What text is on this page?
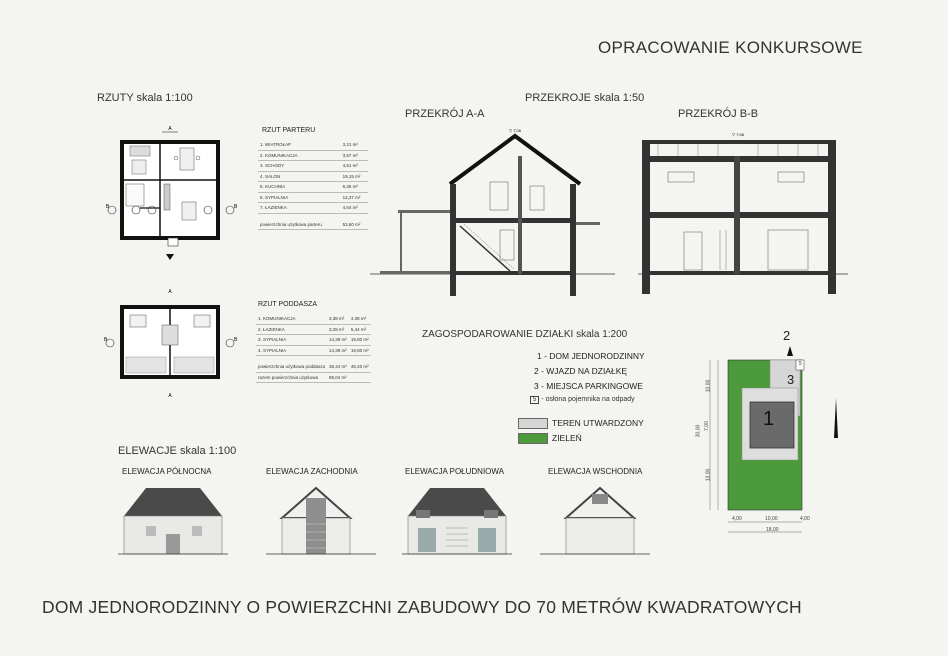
OPRACOWANIE KONKURSOWE
RZUTY skala 1:100
A
B	B
RZUT PARTERU
1. WIATROŁAP	3,21 m²
2. KOMUNIKACJA	3,57 m²
3. SCHODY	4,51 m²
4. SALON	19,15 m²
5. KUCHNIA	6,35 m²
6. SYPIALNIA	12,37 m²
7. ŁAZIENKA	4,64 m²
powierzchnia użytkowa parteru	53,60 m²
A
B	B
A
RZUT PODDASZA
1. KOMUNIKACJA	3,38 m²	3,38 m²
2. ŁAZIENKA	3,28 m²	5,44 m²
3. SYPIALNIA	14,39 m²	19,80 m²
4. SYPIALNIA	14,39 m²	19,80 m²
powierzchnia użytkowa poddasza	35,44 m²	48,40 m²
razem powierzchnia użytkowa	89,04 m²	
PRZEKROJE skala 1:50
PRZEKRÓJ A-A	PRZEKRÓJ B-B
▽ 7,06
▽ 7,06
ZAGOSPODAROWANIE DZIAŁKI skala 1:200
1 - DOM JEDNORODZINNY
2 - WJAZD NA DZIAŁKĘ
3 - MIEJSCA PARKINGOWE
5 - osłona pojemnika na odpady
TEREN UTWARDZONY
ZIELEŃ
2
3
1
5
10,00
7,00
13,00
30,00
4,00	10,00	4,00
18,00
ELEWACJE skala 1:100
ELEWACJA PÓŁNOCNA	ELEWACJA ZACHODNIA	ELEWACJA POŁUDNIOWA	ELEWACJA WSCHODNIA
DOM JEDNORODZINNY O POWIERZCHNI ZABUDOWY DO 70 METRÓW KWADRATOWYCH
